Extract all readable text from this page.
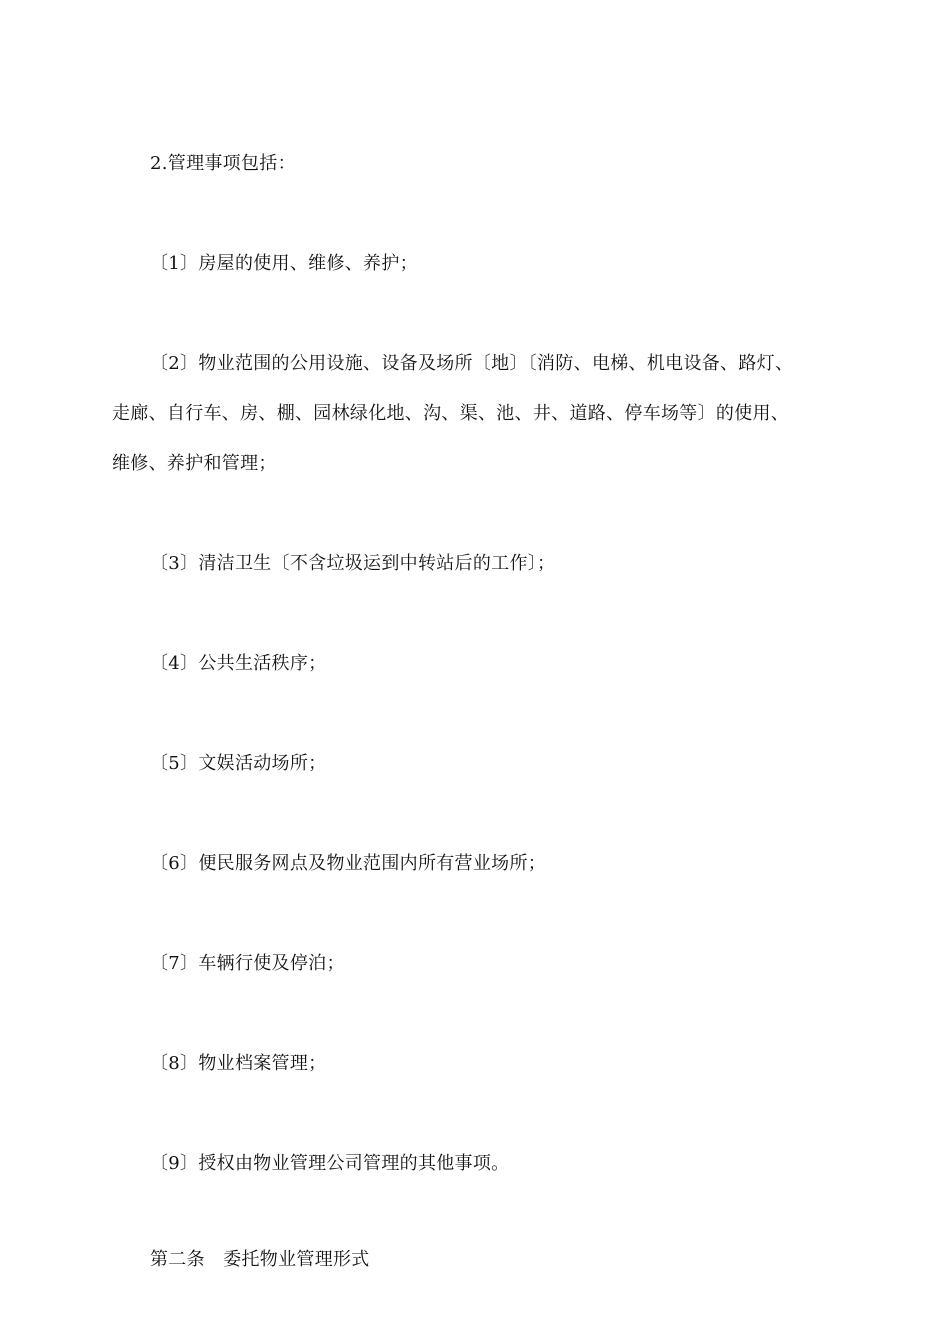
2.管理事项包括：
〔1〕房屋的使用、维修、养护；
〔2〕物业范围的公用设施、设备及场所〔地〕〔消防、电梯、机电设备、路灯、
走廊、自行车、房、棚、园林绿化地、沟、渠、池、井、道路、停车场等〕的使用、
维修、养护和管理；
〔3〕清洁卫生〔不含垃圾运到中转站后的工作〕；
〔4〕公共生活秩序；
〔5〕文娱活动场所；
〔6〕便民服务网点及物业范围内所有营业场所；
〔7〕车辆行使及停泊；
〔8〕物业档案管理；
〔9〕授权由物业管理公司管理的其他事项。
第二条　委托物业管理形式
